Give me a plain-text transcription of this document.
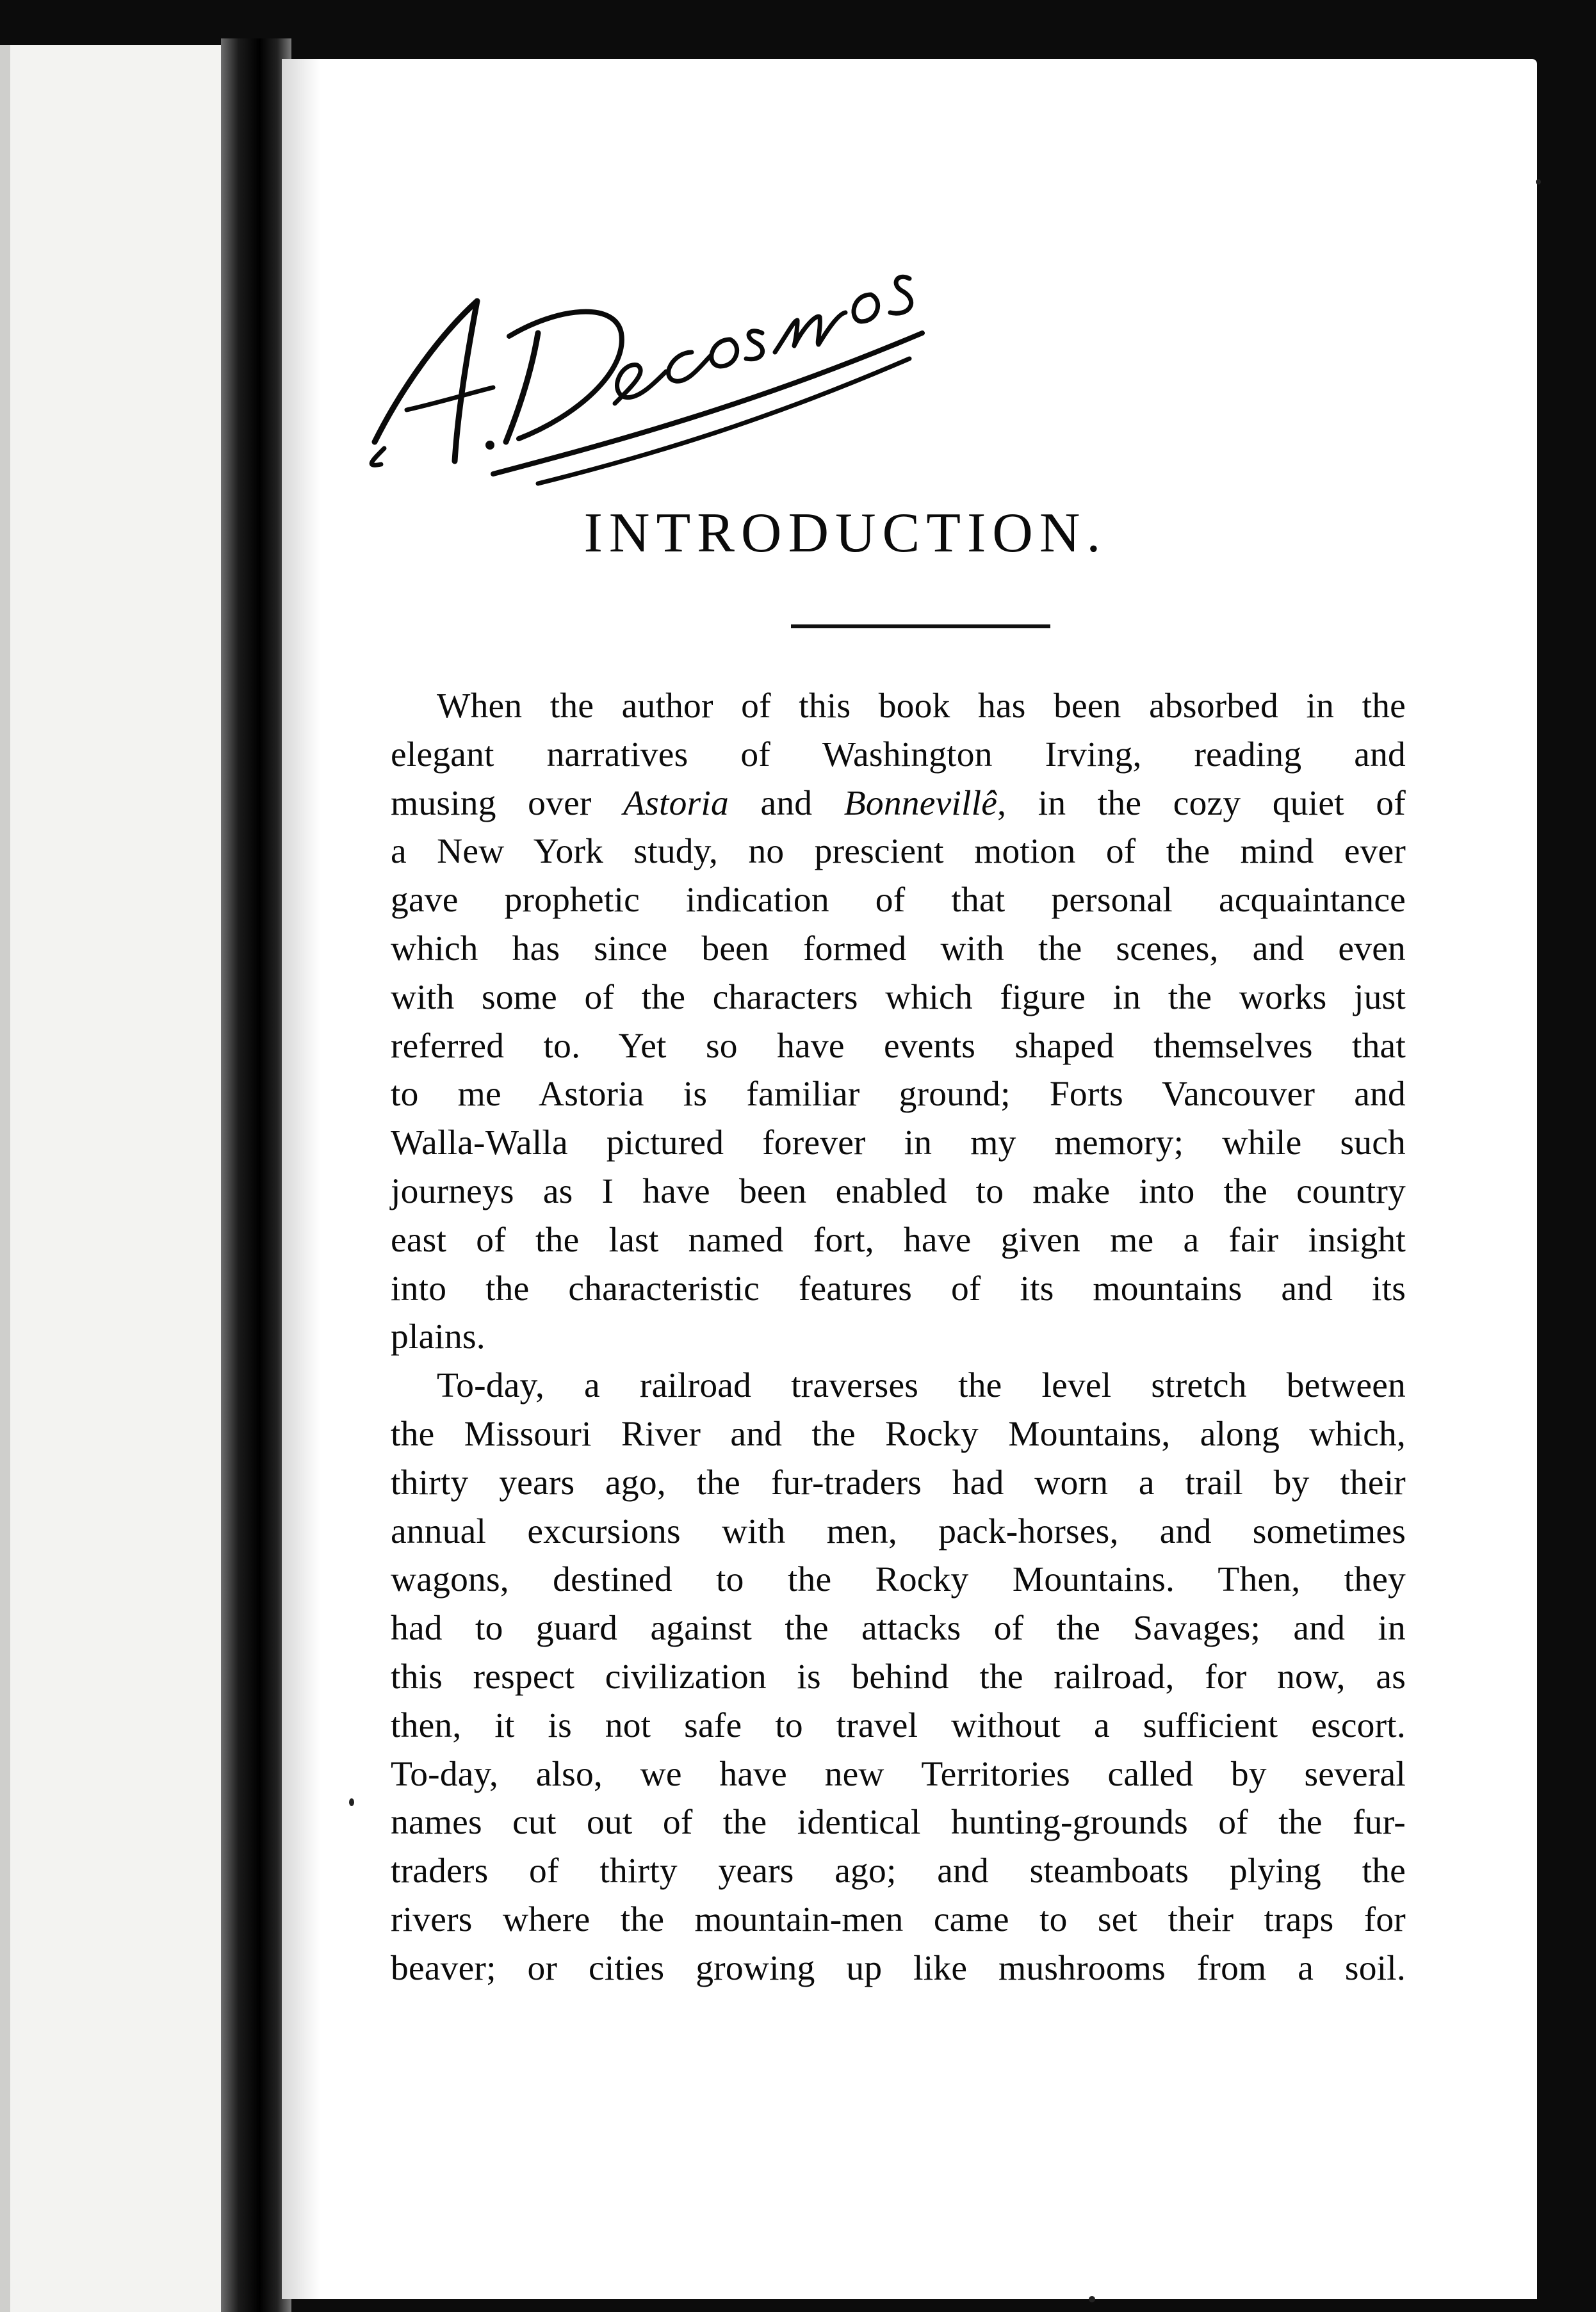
INTRODUCTION.
When the author of this book has been absorbed in the
elegant narratives of Washington Irving, reading and
musing over Astoria and Bonnevillê, in the cozy quiet of
a New York study, no prescient motion of the mind ever
gave prophetic indication of that personal acquaintance
which has since been formed with the scenes, and even
with some of the characters which figure in the works just
referred to. Yet so have events shaped themselves that
to me Astoria is familiar ground; Forts Vancouver and
Walla-Walla pictured forever in my memory; while such
journeys as I have been enabled to make into the country
east of the last named fort, have given me a fair insight
into the characteristic features of its mountains and its
plains.
To-day, a railroad traverses the level stretch between
the Missouri River and the Rocky Mountains, along which,
thirty years ago, the fur-traders had worn a trail by their
annual excursions with men, pack-horses, and sometimes
wagons, destined to the Rocky Mountains. Then, they
had to guard against the attacks of the Savages; and in
this respect civilization is behind the railroad, for now, as
then, it is not safe to travel without a sufficient escort.
To-day, also, we have new Territories called by several
names cut out of the identical hunting-grounds of the fur-
traders of thirty years ago; and steamboats plying the
rivers where the mountain-men came to set their traps for
beaver; or cities growing up like mushrooms from a soil.
